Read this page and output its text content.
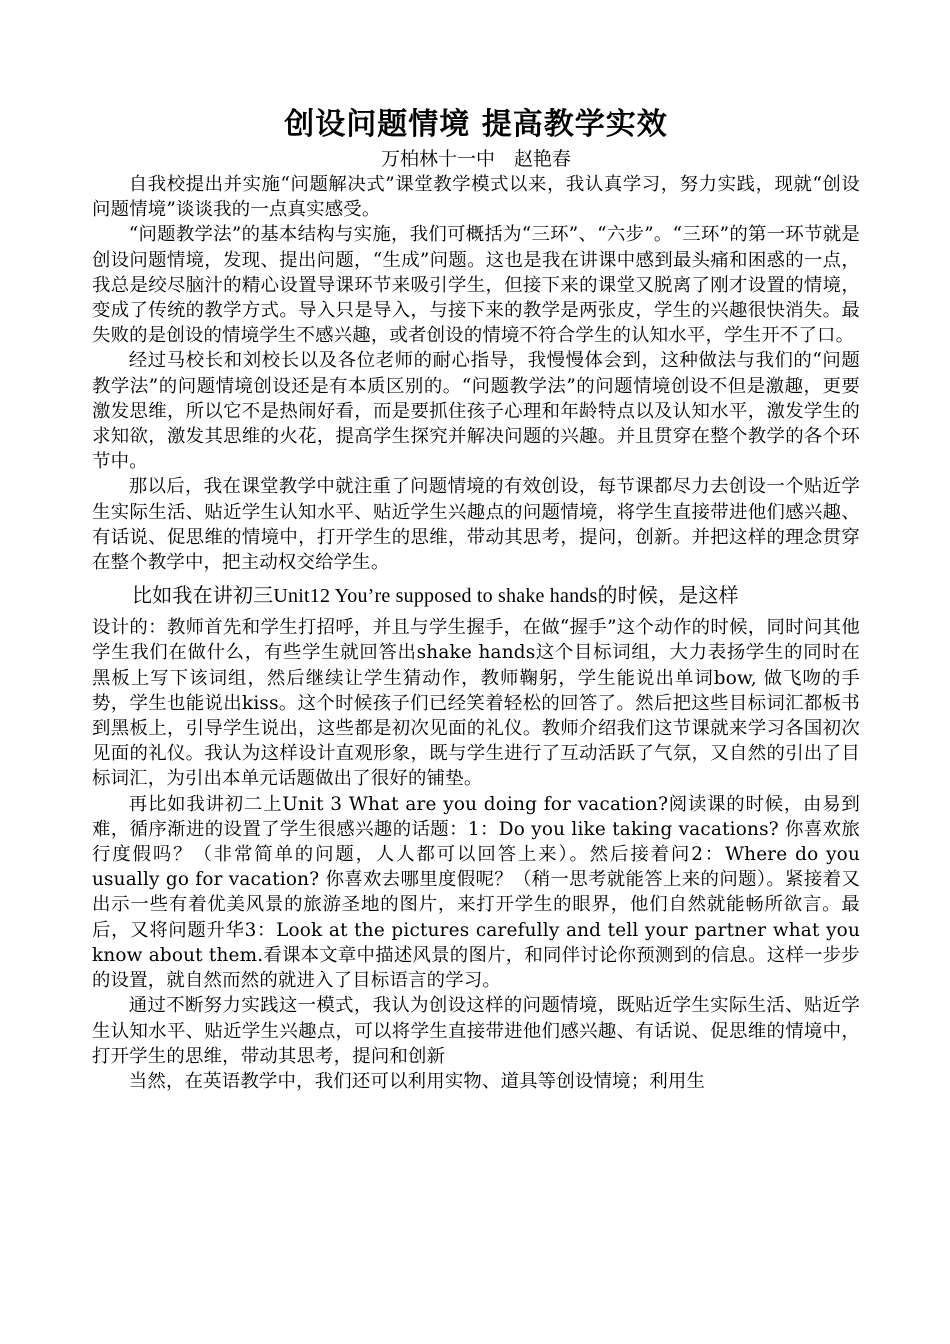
创设问题情境 提高教学实效

万柏林十一中　赵艳春

自我校提出并实施“问题解决式”课堂教学模式以来，我认真学习，努力实践，现就“创设问题情境”谈谈我的一点真实感受。

“问题教学法”的基本结构与实施，我们可概括为“三环”、“六步”。“三环”的第一环节就是创设问题情境，发现、提出问题，“生成”问题。这也是我在讲课中感到最头痛和困惑的一点，我总是绞尽脑汁的精心设置导课环节来吸引学生，但接下来的课堂又脱离了刚才设置的情境，变成了传统的教学方式。导入只是导入，与接下来的教学是两张皮，学生的兴趣很快消失。最失败的是创设的情境学生不感兴趣，或者创设的情境不符合学生的认知水平，学生开不了口。

经过马校长和刘校长以及各位老师的耐心指导，我慢慢体会到，这种做法与我们的“问题教学法”的问题情境创设还是有本质区别的。“问题教学法”的问题情境创设不但是激趣，更要激发思维，所以它不是热闹好看，而是要抓住孩子心理和年龄特点以及认知水平，激发学生的求知欲，激发其思维的火花，提高学生探究并解决问题的兴趣。并且贯穿在整个教学的各个环节中。

那以后，我在课堂教学中就注重了问题情境的有效创设，每节课都尽力去创设一个贴近学生实际生活、贴近学生认知水平、贴近学生兴趣点的问题情境，将学生直接带进他们感兴趣、有话说、促思维的情境中，打开学生的思维，带动其思考，提问，创新。并把这样的理念贯穿在整个教学中，把主动权交给学生。

比如我在讲初三Unit12 You’re supposed to shake hands的时候，是这样

设计的：教师首先和学生打招呼，并且与学生握手，在做“握手”这个动作的时候，同时问其他学生我们在做什么，有些学生就回答出shake hands这个目标词组，大力表扬学生的同时在黑板上写下该词组，然后继续让学生猜动作，教师鞠躬，学生能说出单词bow, 做飞吻的手势，学生也能说出kiss。这个时候孩子们已经笑着轻松的回答了。然后把这些目标词汇都板书到黑板上，引导学生说出，这些都是初次见面的礼仪。教师介绍我们这节课就来学习各国初次见面的礼仪。我认为这样设计直观形象，既与学生进行了互动活跃了气氛，又自然的引出了目标词汇，为引出本单元话题做出了很好的铺垫。

再比如我讲初二上Unit 3 What are you doing for vacation?阅读课的时候，由易到难，循序渐进的设置了学生很感兴趣的话题：1：Do you like taking vacations? 你喜欢旅行度假吗？（非常简单的问题，人人都可以回答上来）。然后接着问2：Where do you usually go for vacation? 你喜欢去哪里度假呢？（稍一思考就能答上来的问题）。紧接着又出示一些有着优美风景的旅游圣地的图片，来打开学生的眼界，他们自然就能畅所欲言。最后，又将问题升华3：Look at the pictures carefully and tell your partner what you know about them.看课本文章中描述风景的图片，和同伴讨论你预测到的信息。这样一步步的设置，就自然而然的就进入了目标语言的学习。

通过不断努力实践这一模式，我认为创设这样的问题情境，既贴近学生实际生活、贴近学生认知水平、贴近学生兴趣点，可以将学生直接带进他们感兴趣、有话说、促思维的情境中，打开学生的思维，带动其思考，提问和创新

当然，在英语教学中，我们还可以利用实物、道具等创设情境；利用生
